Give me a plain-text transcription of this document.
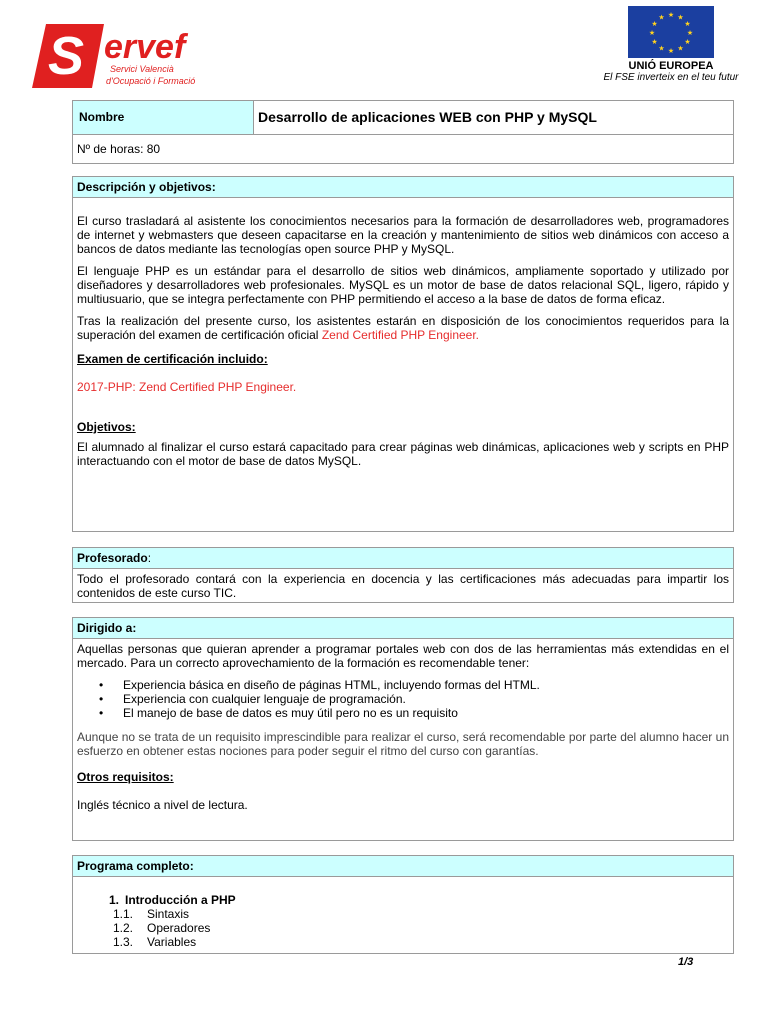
S ervef
Servici Valencià
d'Ocupació i Formació
★ ★
★
★
★
★
★
★
★
★
★
★
UNIÓ EUROPEA
El FSE inverteix en el teu futur
Nombre	Desarrollo de aplicaciones WEB con PHP y MySQL
Nº de horas: 80
Descripción y objetivos:

El curso trasladará al asistente los conocimientos necesarios para la formación de desarrolladores web, programadores de internet y webmasters que deseen capacitarse en la creación y mantenimiento de sitios web dinámicos con acceso a bancos de datos mediante las tecnologías open source PHP y MySQL.

El lenguaje PHP es un estándar para el desarrollo de sitios web dinámicos, ampliamente soportado y utilizado por diseñadores y desarrolladores web profesionales. MySQL es un motor de base de datos relacional SQL, ligero, rápido y multiusuario, que se integra perfectamente con PHP permitiendo el acceso a la base de datos de forma eficaz.

Tras la realización del presente curso, los asistentes estarán en disposición de los conocimientos requeridos para la superación del examen de certificación oficial Zend Certified PHP Engineer.

Examen de certificación incluido:

2017-PHP: Zend Certified PHP Engineer.

Objetivos:

El alumnado al finalizar el curso estará capacitado para crear páginas web dinámicas, aplicaciones web y scripts en PHP interactuando con el motor de base de datos MySQL.

Profesorado:

Todo el profesorado contará con la experiencia en docencia y las certificaciones más adecuadas para impartir los contenidos de este curso TIC.

Dirigido a:

Aquellas personas que quieran aprender a programar portales web con dos de las herramientas más extendidas en el mercado. Para un correcto aprovechamiento de la formación es recomendable tener:

• Experiencia básica en diseño de páginas HTML, incluyendo formas del HTML.
• Experiencia con cualquier lenguaje de programación.
• El manejo de base de datos es muy útil pero no es un requisito

Aunque no se trata de un requisito imprescindible para realizar el curso, será recomendable por parte del alumno hacer un esfuerzo en obtener estas nociones para poder seguir el ritmo del curso con garantías.

Otros requisitos:

Inglés técnico a nivel de lectura.

Programa completo:
1. Introducción a PHP
1.1. Sintaxis
1.2. Operadores
1.3. Variables
1/3
